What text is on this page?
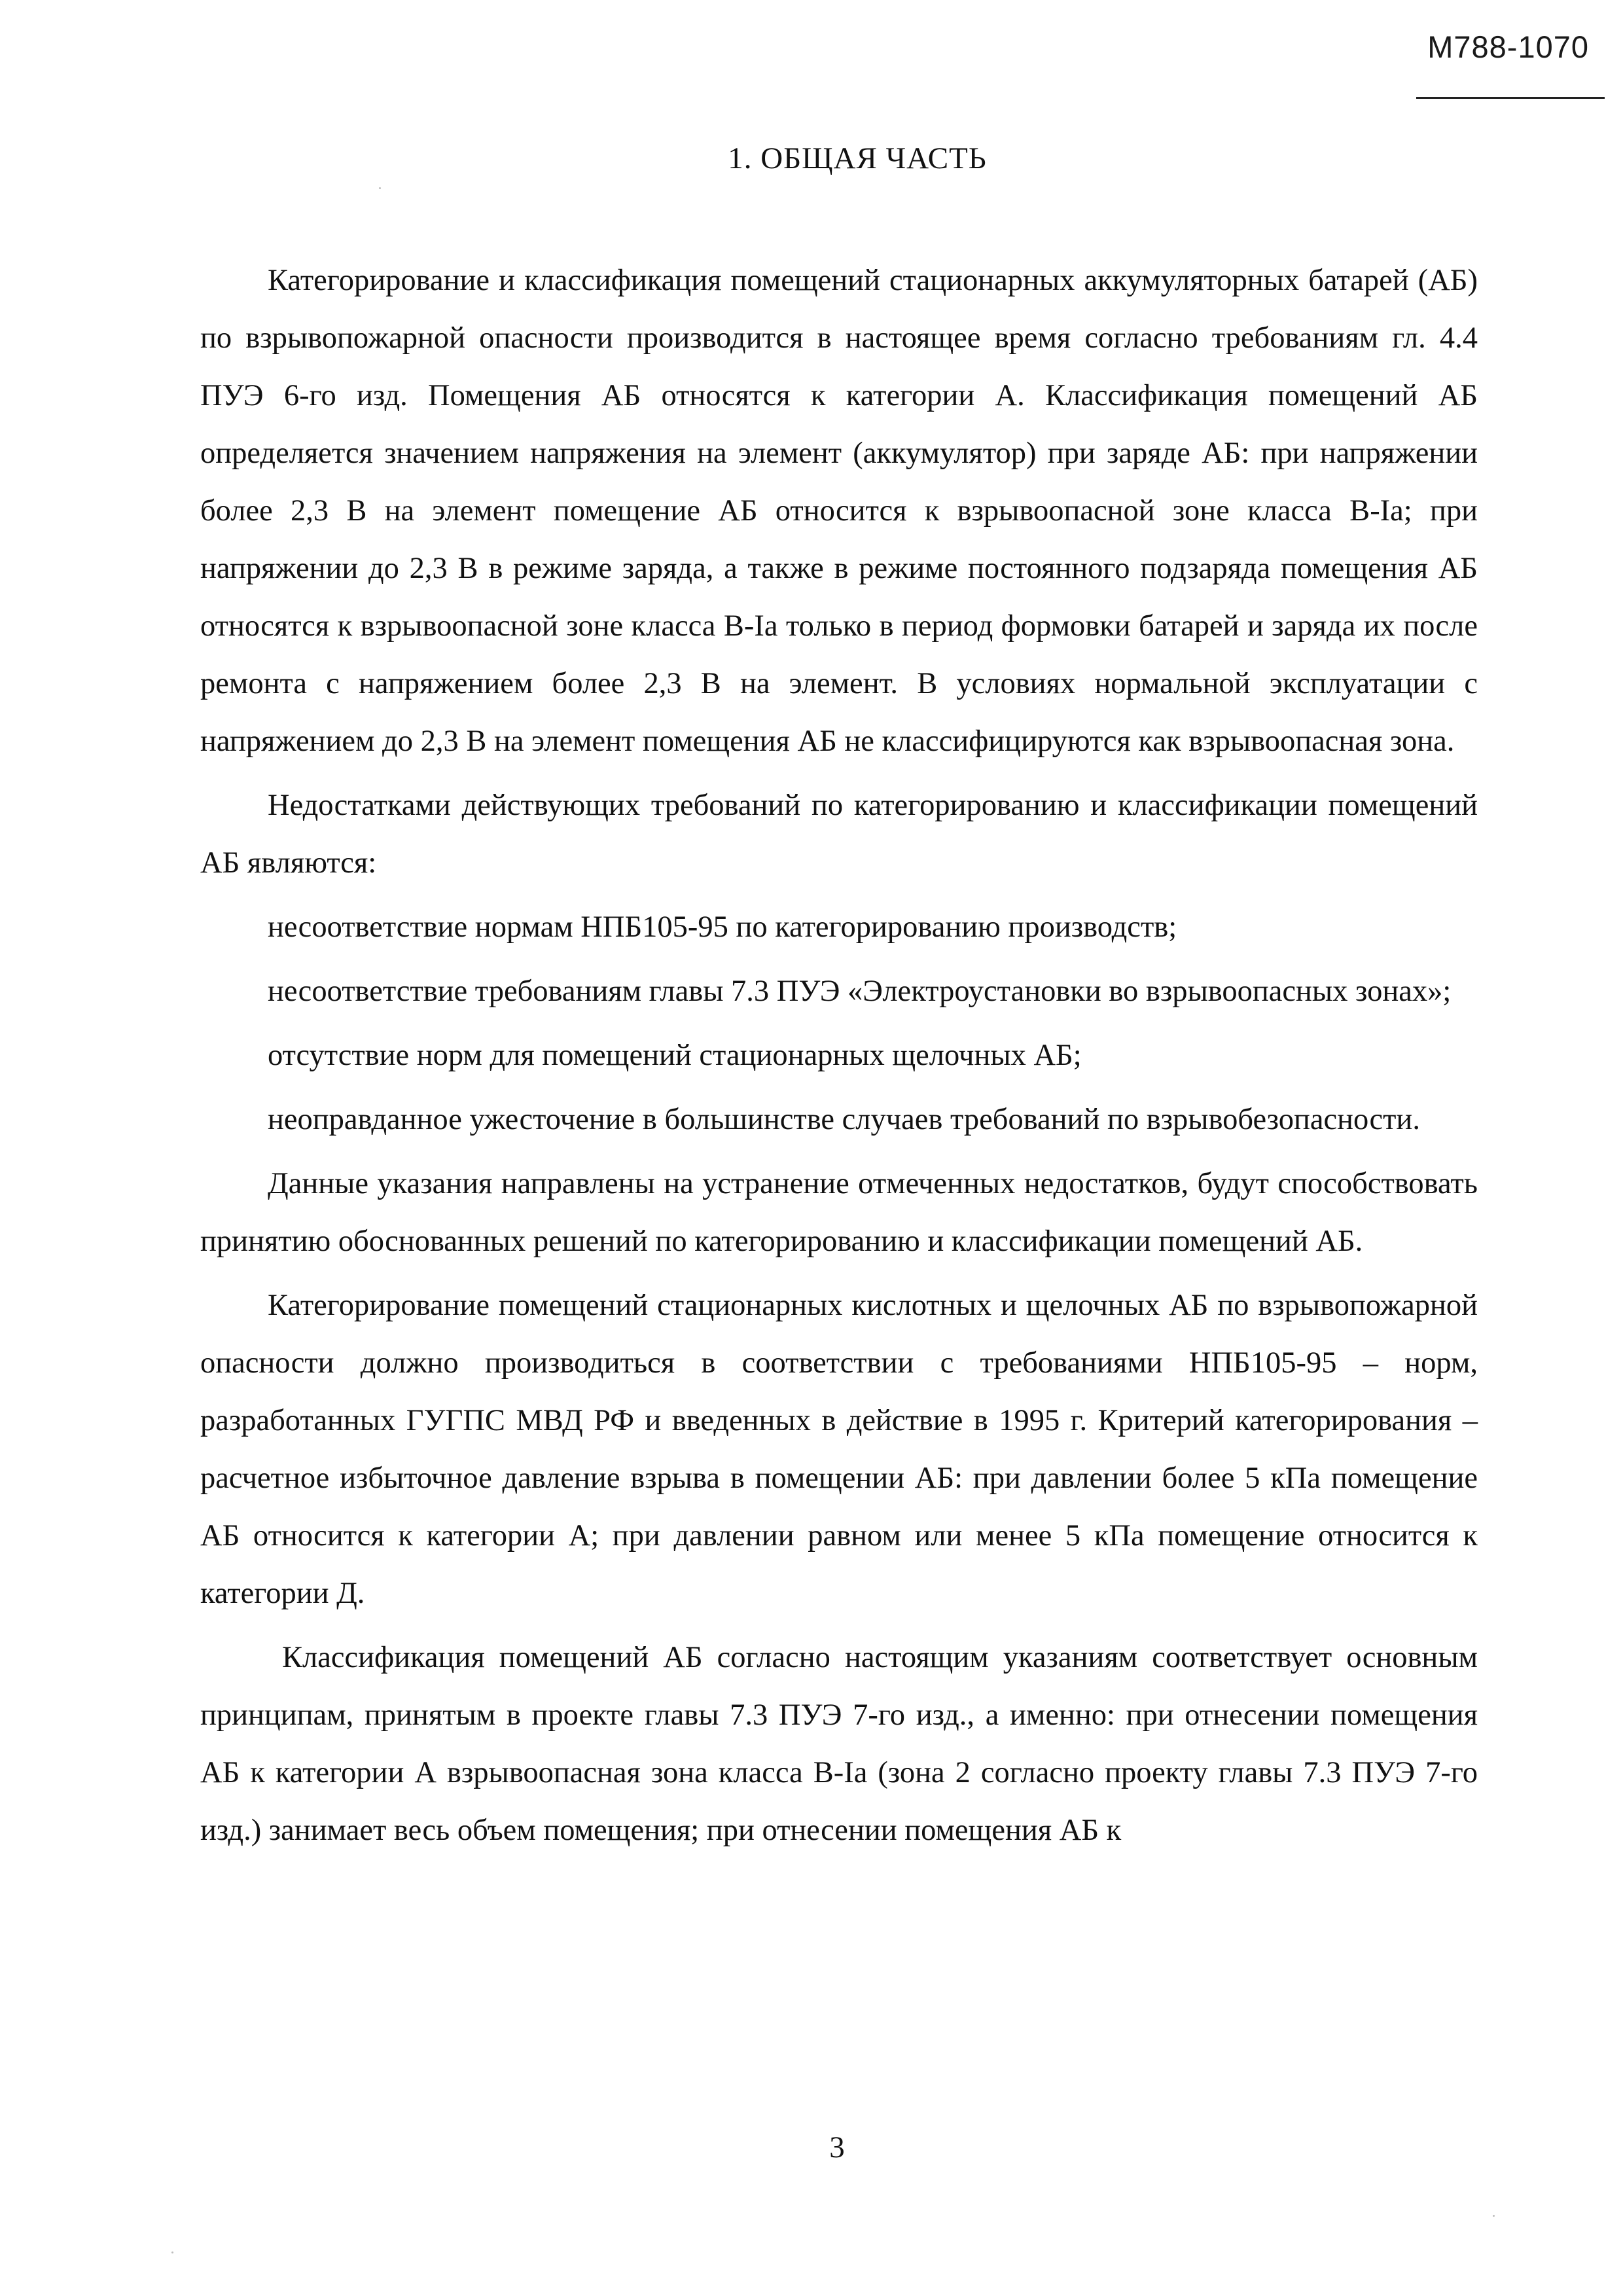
М788-1070
1. ОБЩАЯ ЧАСТЬ

Категорирование и классификация помещений стационарных аккумуляторных батарей (АБ) по взрывопожарной опасности производится в настоящее время согласно требованиям гл. 4.4 ПУЭ 6-го изд. Помещения АБ относятся к категории А. Классификация помещений АБ определяется значением напряжения на элемент (аккумулятор) при заряде АБ: при напряжении более 2,3 В на элемент помещение АБ относится к взрывоопасной зоне класса В-Ia; при напряжении до 2,3 В в режиме заряда, а также в режиме постоянного подзаряда помещения АБ относятся к взрывоопасной зоне класса В-Ia только в период формовки батарей и заряда их после ремонта с напряжением более 2,3 В на элемент. В условиях нормальной эксплуатации с напряжением до 2,3 В на элемент помещения АБ не классифицируются как взрывоопасная зона.

Недостатками действующих требований по категорированию и классификации помещений АБ являются:

несоответствие нормам НПБ105-95 по категорированию производств;

несоответствие требованиям главы 7.3 ПУЭ «Электроустановки во взрывоопасных зонах»;

отсутствие норм для помещений стационарных щелочных АБ;

неоправданное ужесточение в большинстве случаев требований по взрывобезопасности.

Данные указания направлены на устранение отмеченных недостатков, будут способствовать принятию обоснованных решений по категорированию и классификации помещений АБ.

Категорирование помещений стационарных кислотных и щелочных АБ по взрывопожарной опасности должно производиться в соответствии с требованиями НПБ105-95 – норм, разработанных ГУГПС МВД РФ и введенных в действие в 1995 г. Критерий категорирования – расчетное избыточное давление взрыва в помещении АБ: при давлении более 5 кПа помещение АБ относится к категории А; при давлении равном или менее 5 кПа помещение относится к категории Д.

Классификация помещений АБ согласно настоящим указаниям соответствует основным принципам, принятым в проекте главы 7.3 ПУЭ 7-го изд., а именно: при отнесении помещения АБ к категории А взрывоопасная зона класса В-Ia (зона 2 согласно проекту главы 7.3 ПУЭ 7-го изд.) занимает весь объем помещения; при отнесении помещения АБ к

3
